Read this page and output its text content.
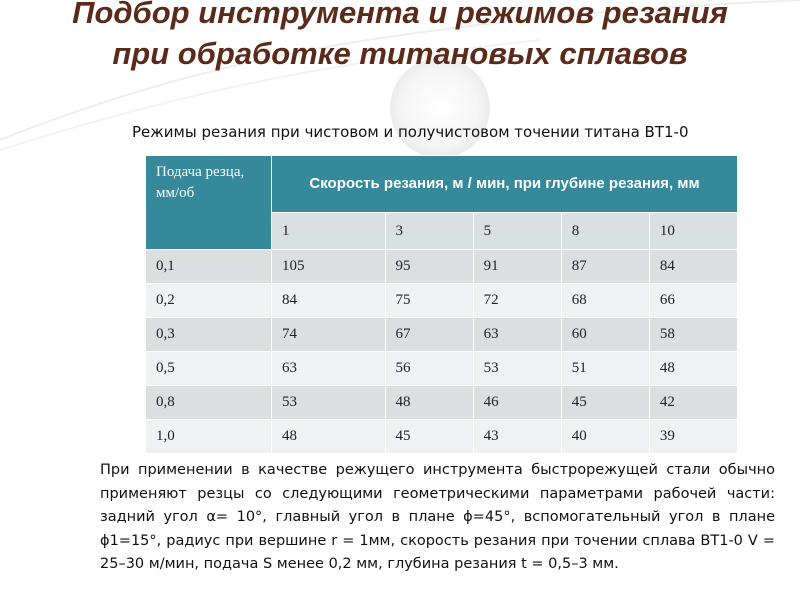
Подбор инструмента и режимов резания при обработке титановых сплавов
Режимы резания при чистовом и получистовом точении титана ВТ1-0
Подача резца, мм/об	Скорость резания, м / мин, при глубине резания, мм				
	1	3	5	8	10
0,1	105	95	91	87	84
0,2	84	75	72	68	66
0,3	74	67	63	60	58
0,5	63	56	53	51	48
0,8	53	48	46	45	42
1,0	48	45	43	40	39
При применении в качестве режущего инструмента быстрорежущей стали обычно применяют резцы со следующими геометрическими параметрами рабочей части: задний угол α= 10°, главный угол в плане ϕ=45°, вспомогательный угол в плане ϕ1=15°, радиус при вершине r = 1мм, скорость резания при точении сплава ВТ1-0 V = 25–30 м/мин, подача S менее 0,2 мм, глубина резания t = 0,5–3 мм.
